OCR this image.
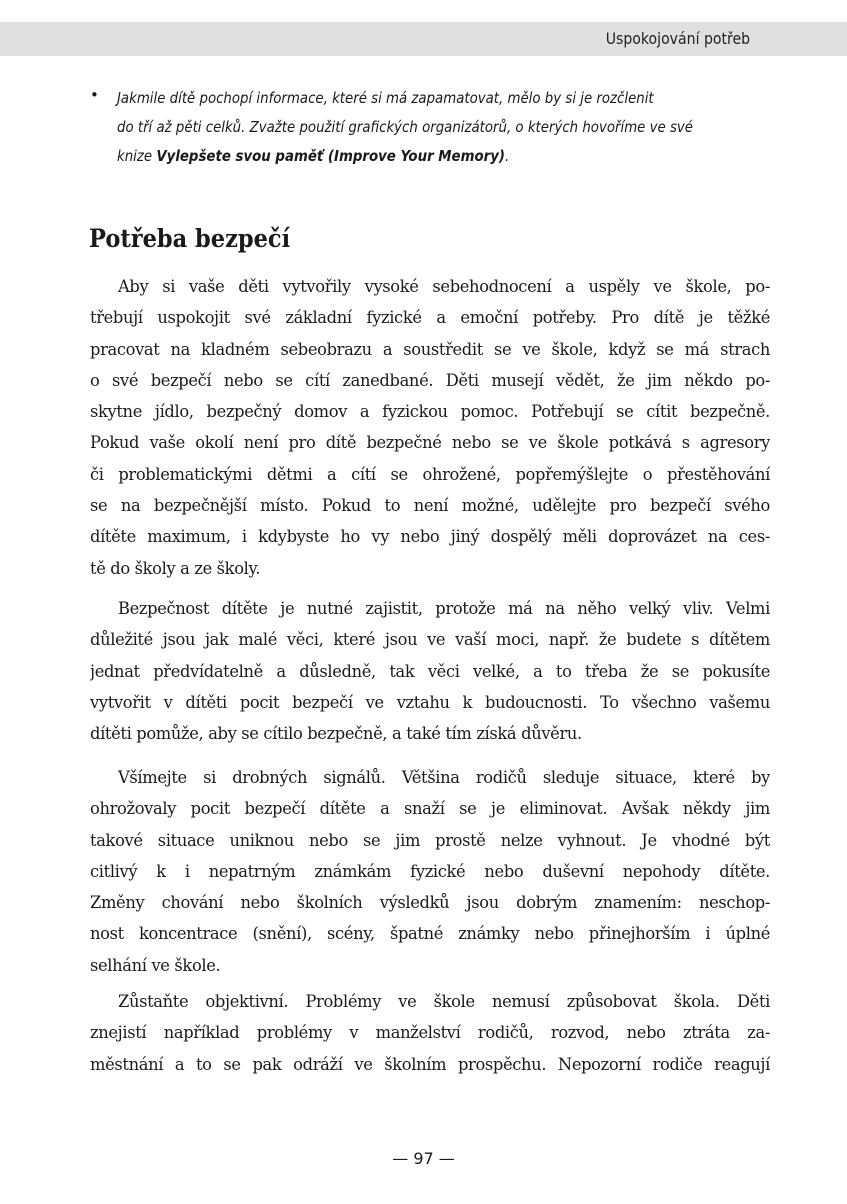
Uspokojování potřeb
• Jakmile dítě pochopí informace, které si má zapamatovat, mělo by si je rozčlenit
do tří až pěti celků. Zvažte použití grafických organizátorů, o kterých hovoříme ve své
knize Vylepšete svou paměť (Improve Your Memory).
Potřeba bezpečí
Aby si vaše děti vytvořily vysoké sebehodnocení a uspěly ve škole, po-
třebují uspokojit své základní fyzické a emoční potřeby. Pro dítě je těžké
pracovat na kladném sebeobrazu a soustředit se ve škole, když se má strach
o své bezpečí nebo se cítí zanedbané. Děti musejí vědět, že jim někdo po-
skytne jídlo, bezpečný domov a fyzickou pomoc. Potřebují se cítit bezpečně.
Pokud vaše okolí není pro dítě bezpečné nebo se ve škole potkává s agresory
či problematickými dětmi a cítí se ohrožené, popřemýšlejte o přestěhování
se na bezpečnější místo. Pokud to není možné, udělejte pro bezpečí svého
dítěte maximum, i kdybyste ho vy nebo jiný dospělý měli doprovázet na ces-
tě do školy a ze školy.
Bezpečnost dítěte je nutné zajistit, protože má na něho velký vliv. Velmi
důležité jsou jak malé věci, které jsou ve vaší moci, např. že budete s dítětem
jednat předvídatelně a důsledně, tak věci velké, a to třeba že se pokusíte
vytvořit v dítěti pocit bezpečí ve vztahu k budoucnosti. To všechno vašemu
dítěti pomůže, aby se cítilo bezpečně, a také tím získá důvěru.
Všímejte si drobných signálů. Většina rodičů sleduje situace, které by
ohrožovaly pocit bezpečí dítěte a snaží se je eliminovat. Avšak někdy jim
takové situace uniknou nebo se jim prostě nelze vyhnout. Je vhodné být
citlivý k i nepatrným známkám fyzické nebo duševní nepohody dítěte.
Změny chování nebo školních výsledků jsou dobrým znamením: neschop-
nost koncentrace (snění), scény, špatné známky nebo přinejhorším i úplné
selhání ve škole.
Zůstaňte objektivní. Problémy ve škole nemusí způsobovat škola. Děti
znejistí například problémy v manželství rodičů, rozvod, nebo ztráta za-
městnání a to se pak odráží ve školním prospěchu. Nepozorní rodiče reagují
— 97 —
